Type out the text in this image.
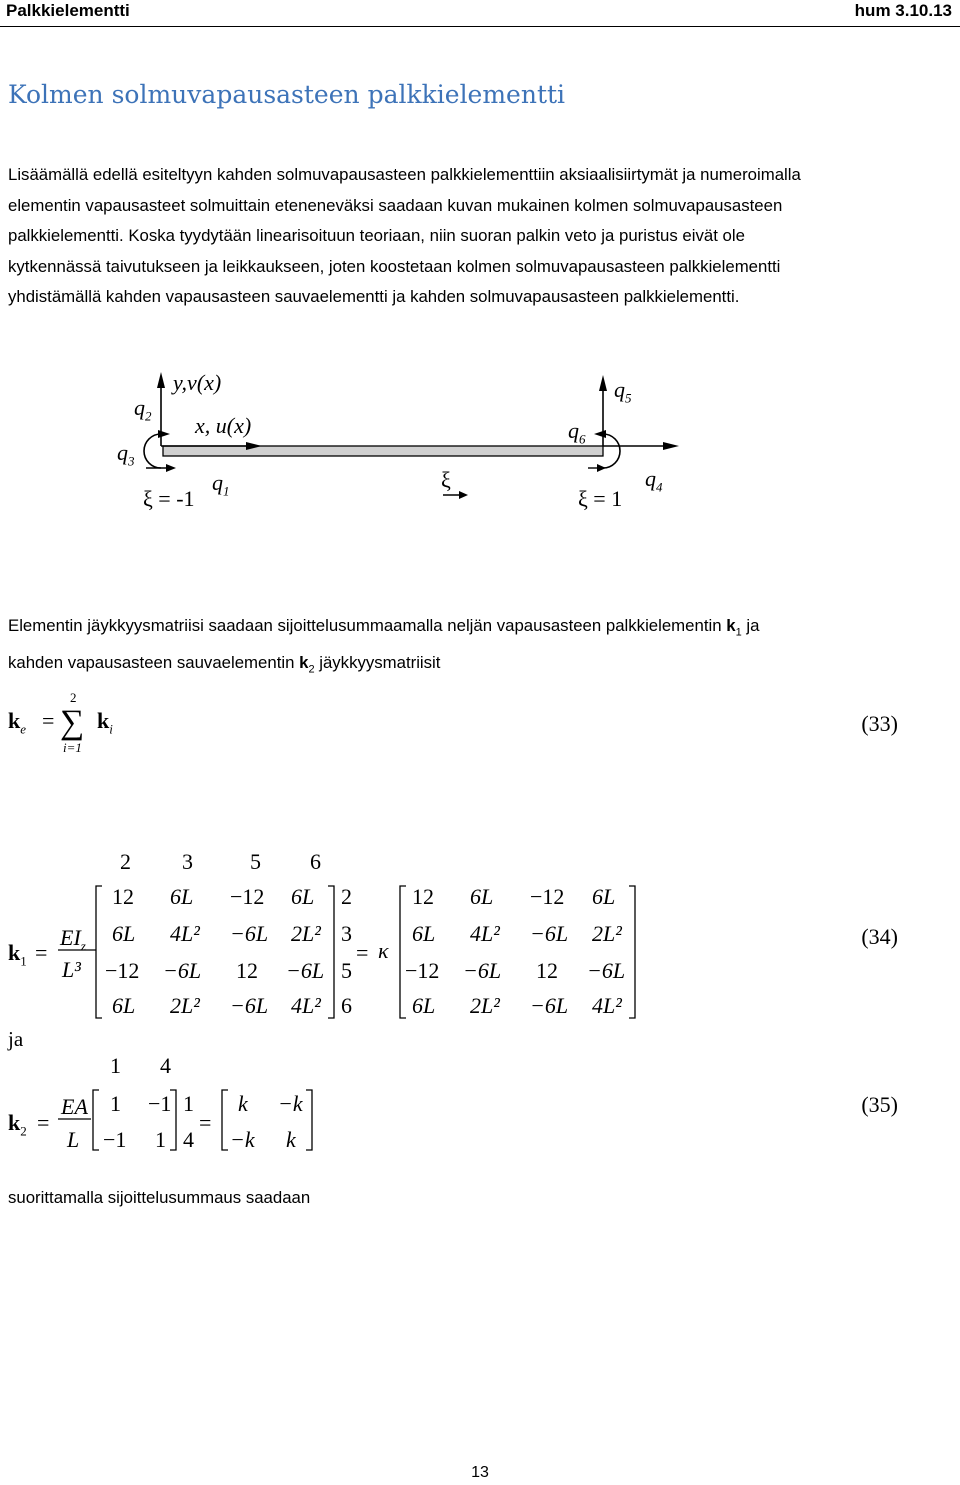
Palkkielementti	hum 3.10.13
Kolmen solmuvapausasteen palkkielementti
Lisäämällä edellä esiteltyyn kahden solmuvapausasteen palkkielementtiin aksiaalisiirtymät ja numeroimalla
elementin vapausasteet solmuittain eteneneväksi saadaan kuvan mukainen kolmen solmuvapausasteen
palkkielementti. Koska tyydytään linearisoituun teoriaan, niin suoran palkin veto ja puristus eivät ole
kytkennässä taivutukseen ja leikkaukseen, joten koostetaan kolmen solmuvapausasteen palkkielementti
yhdistämällä kahden vapausasteen sauvaelementti ja kahden solmuvapausasteen palkkielementti.
$q_2$
$q_3$
y,v(x)
x, u(x)
$q_1$
ξ = -1
ξ
ξ = 1
$q_5$
$q_6$
$q_4$
Elementin jäykkyysmatriisi saadaan sijoittelusummaamalla neljän vapausasteen palkkielementin $k_1$ ja
kahden vapausasteen sauvaelementin $k_2$ jäykkyysmatriisit
$k_e$ = ∑
2
i=1
$k_i$	(33)
2 3	5 6
$k_1$ =
$EI_z$
L³
= κ
12 6L −12 6L
6L 4L² −6L 2L²
−12 −6L 12 −6L
6L 2L² −6L 4L²
2
3
5
6
12 6L −12 6L
6L 4L² −6L 2L²
−12 −6L 12 −6L
6L 2L² −6L 4L²
(34)
ja
1 4
$k_2$ =
EA
L
=
1 −1
−1 1
1
4
k −k
−k k
(35)
suorittamalla sijoittelusummaus saadaan
13
